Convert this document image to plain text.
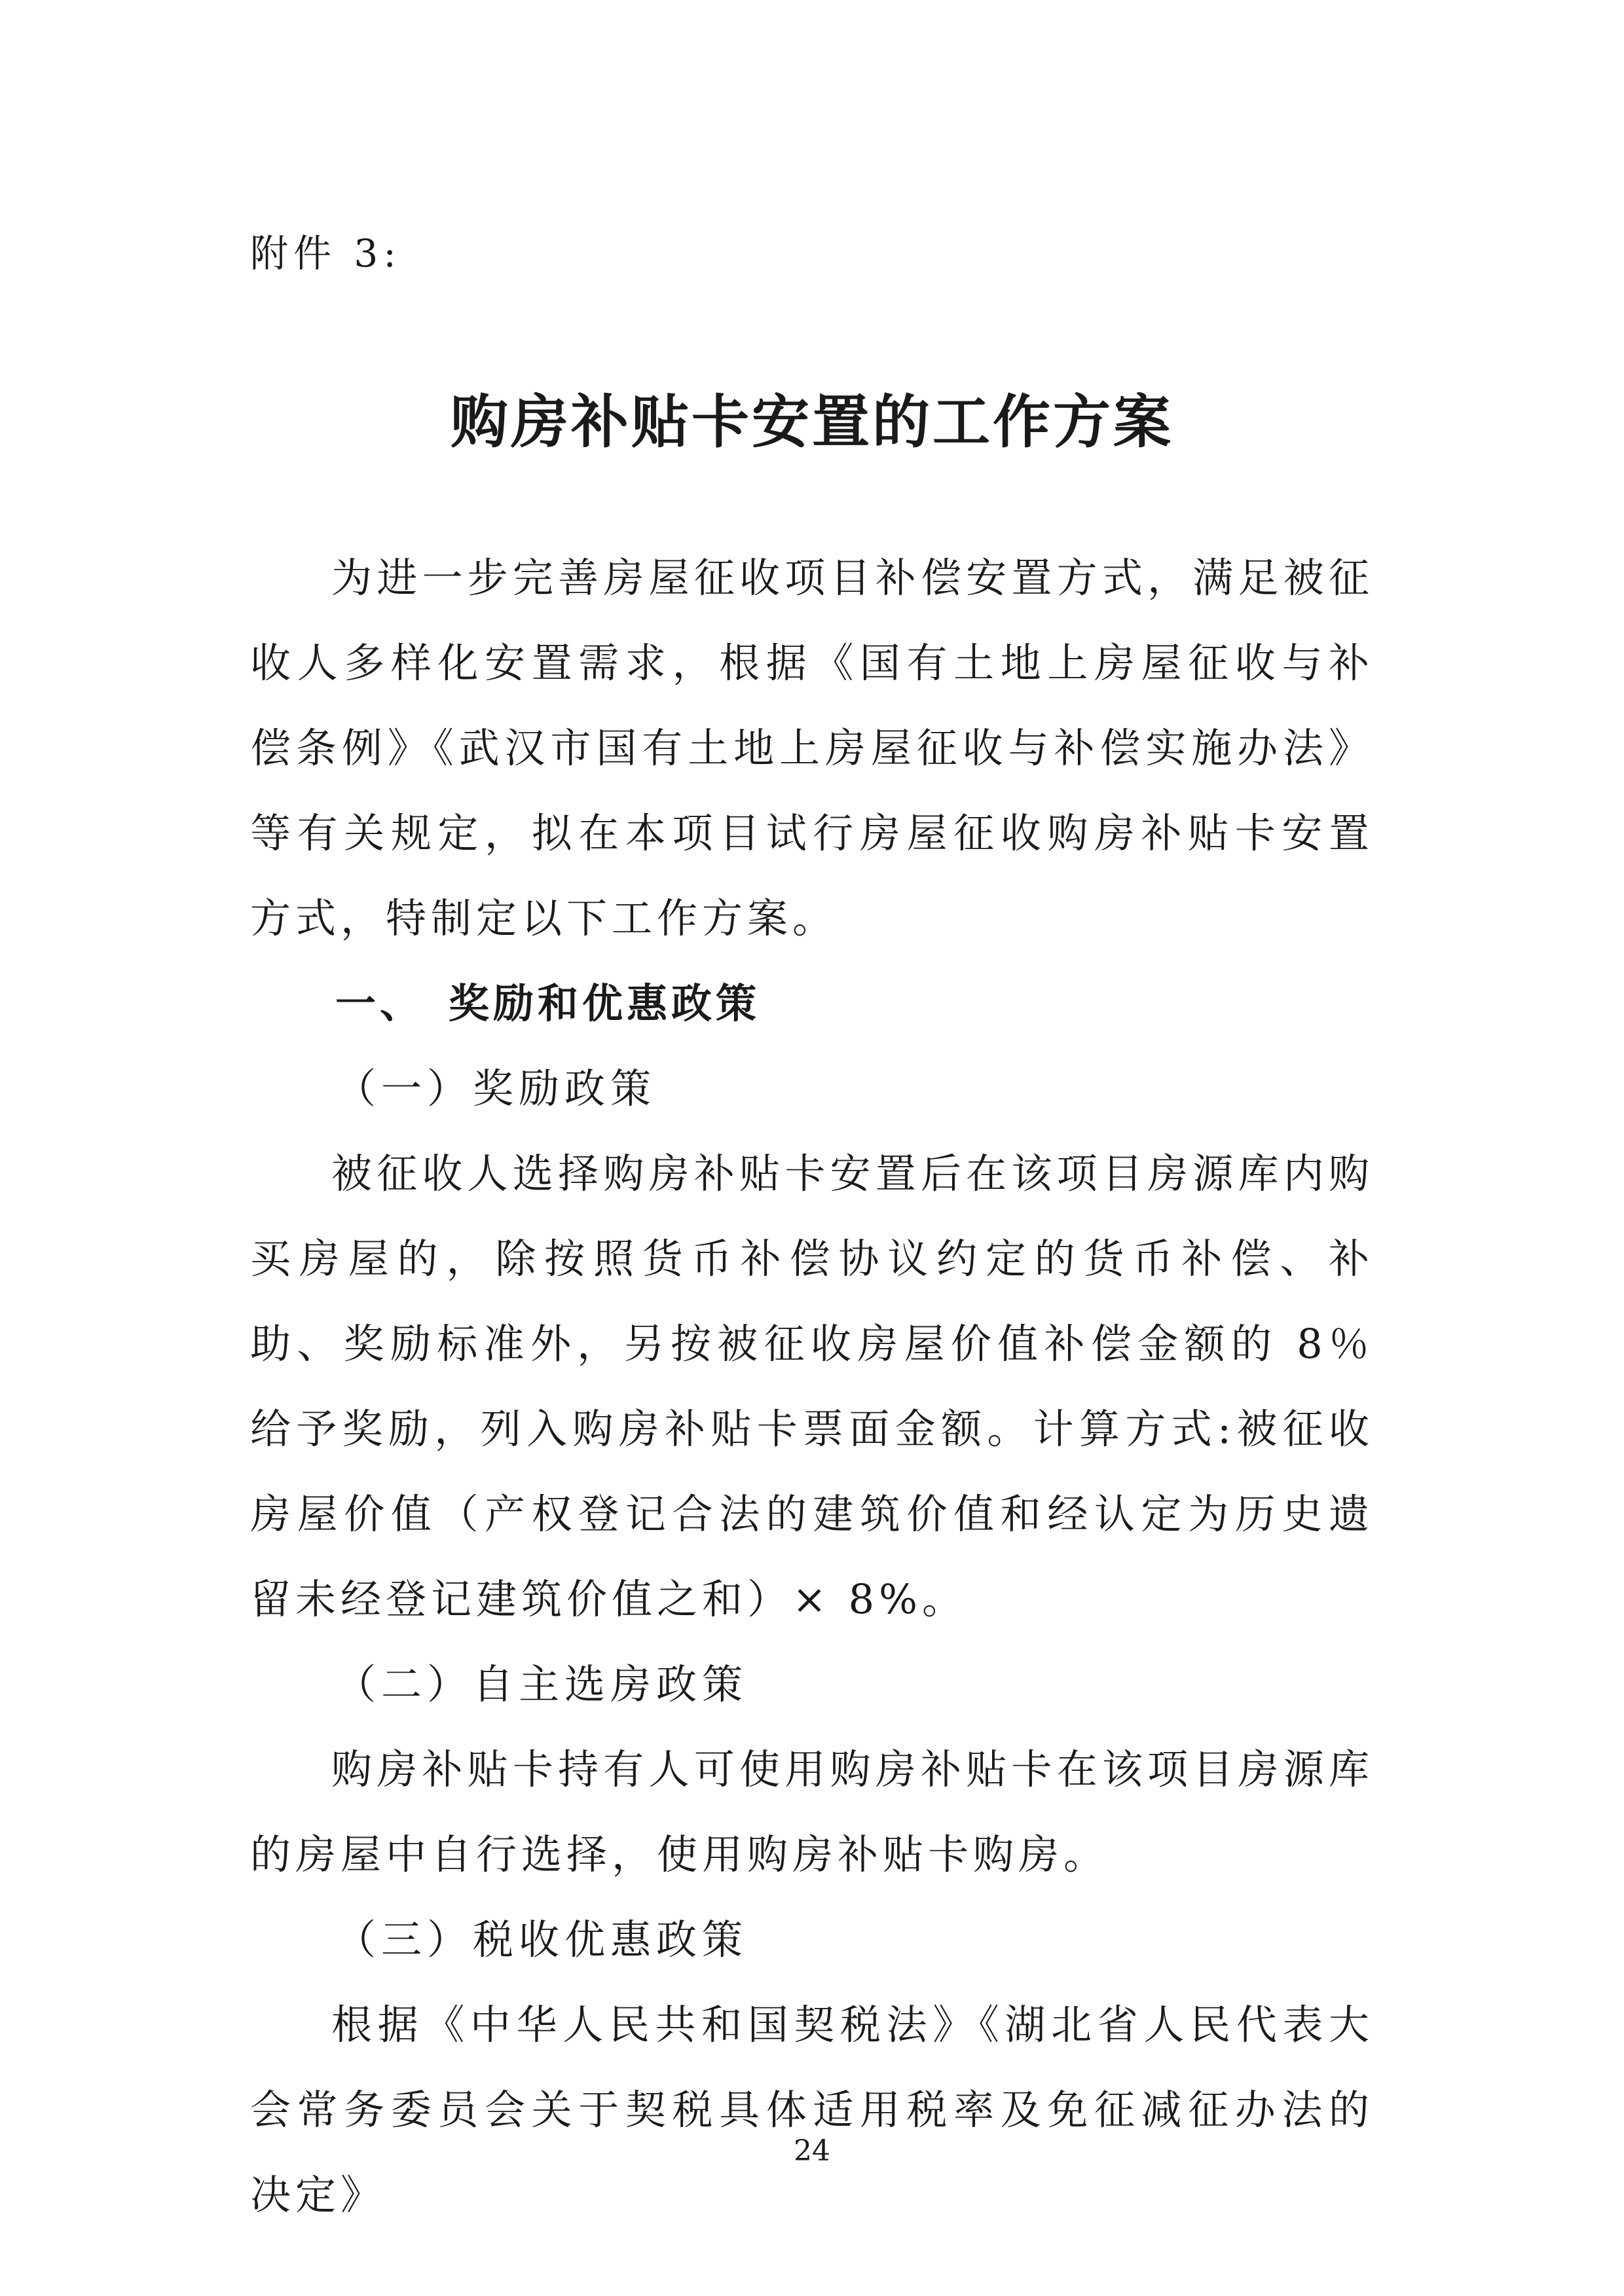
附件 3:
购房补贴卡安置的工作方案

为进一步完善房屋征收项目补偿安置方式，满足被征收人多样化安置需求，根据《国有土地上房屋征收与补偿条例》《武汉市国有土地上房屋征收与补偿实施办法》等有关规定，拟在本项目试行房屋征收购房补贴卡安置方式，特制定以下工作方案。

一、　奖励和优惠政策

（一）奖励政策

被征收人选择购房补贴卡安置后在该项目房源库内购买房屋的，除按照货币补偿协议约定的货币补偿、补助、奖励标准外，另按被征收房屋价值补偿金额的 8％给予奖励，列入购房补贴卡票面金额。计算方式:被征收房屋价值（产权登记合法的建筑价值和经认定为历史遗留未经登记建筑价值之和）× 8%。

（二）自主选房政策

购房补贴卡持有人可使用购房补贴卡在该项目房源库的房屋中自行选择，使用购房补贴卡购房。

（三）税收优惠政策

根据《中华人民共和国契税法》《湖北省人民代表大会常务委员会关于契税具体适用税率及免征减征办法的决定》

24
